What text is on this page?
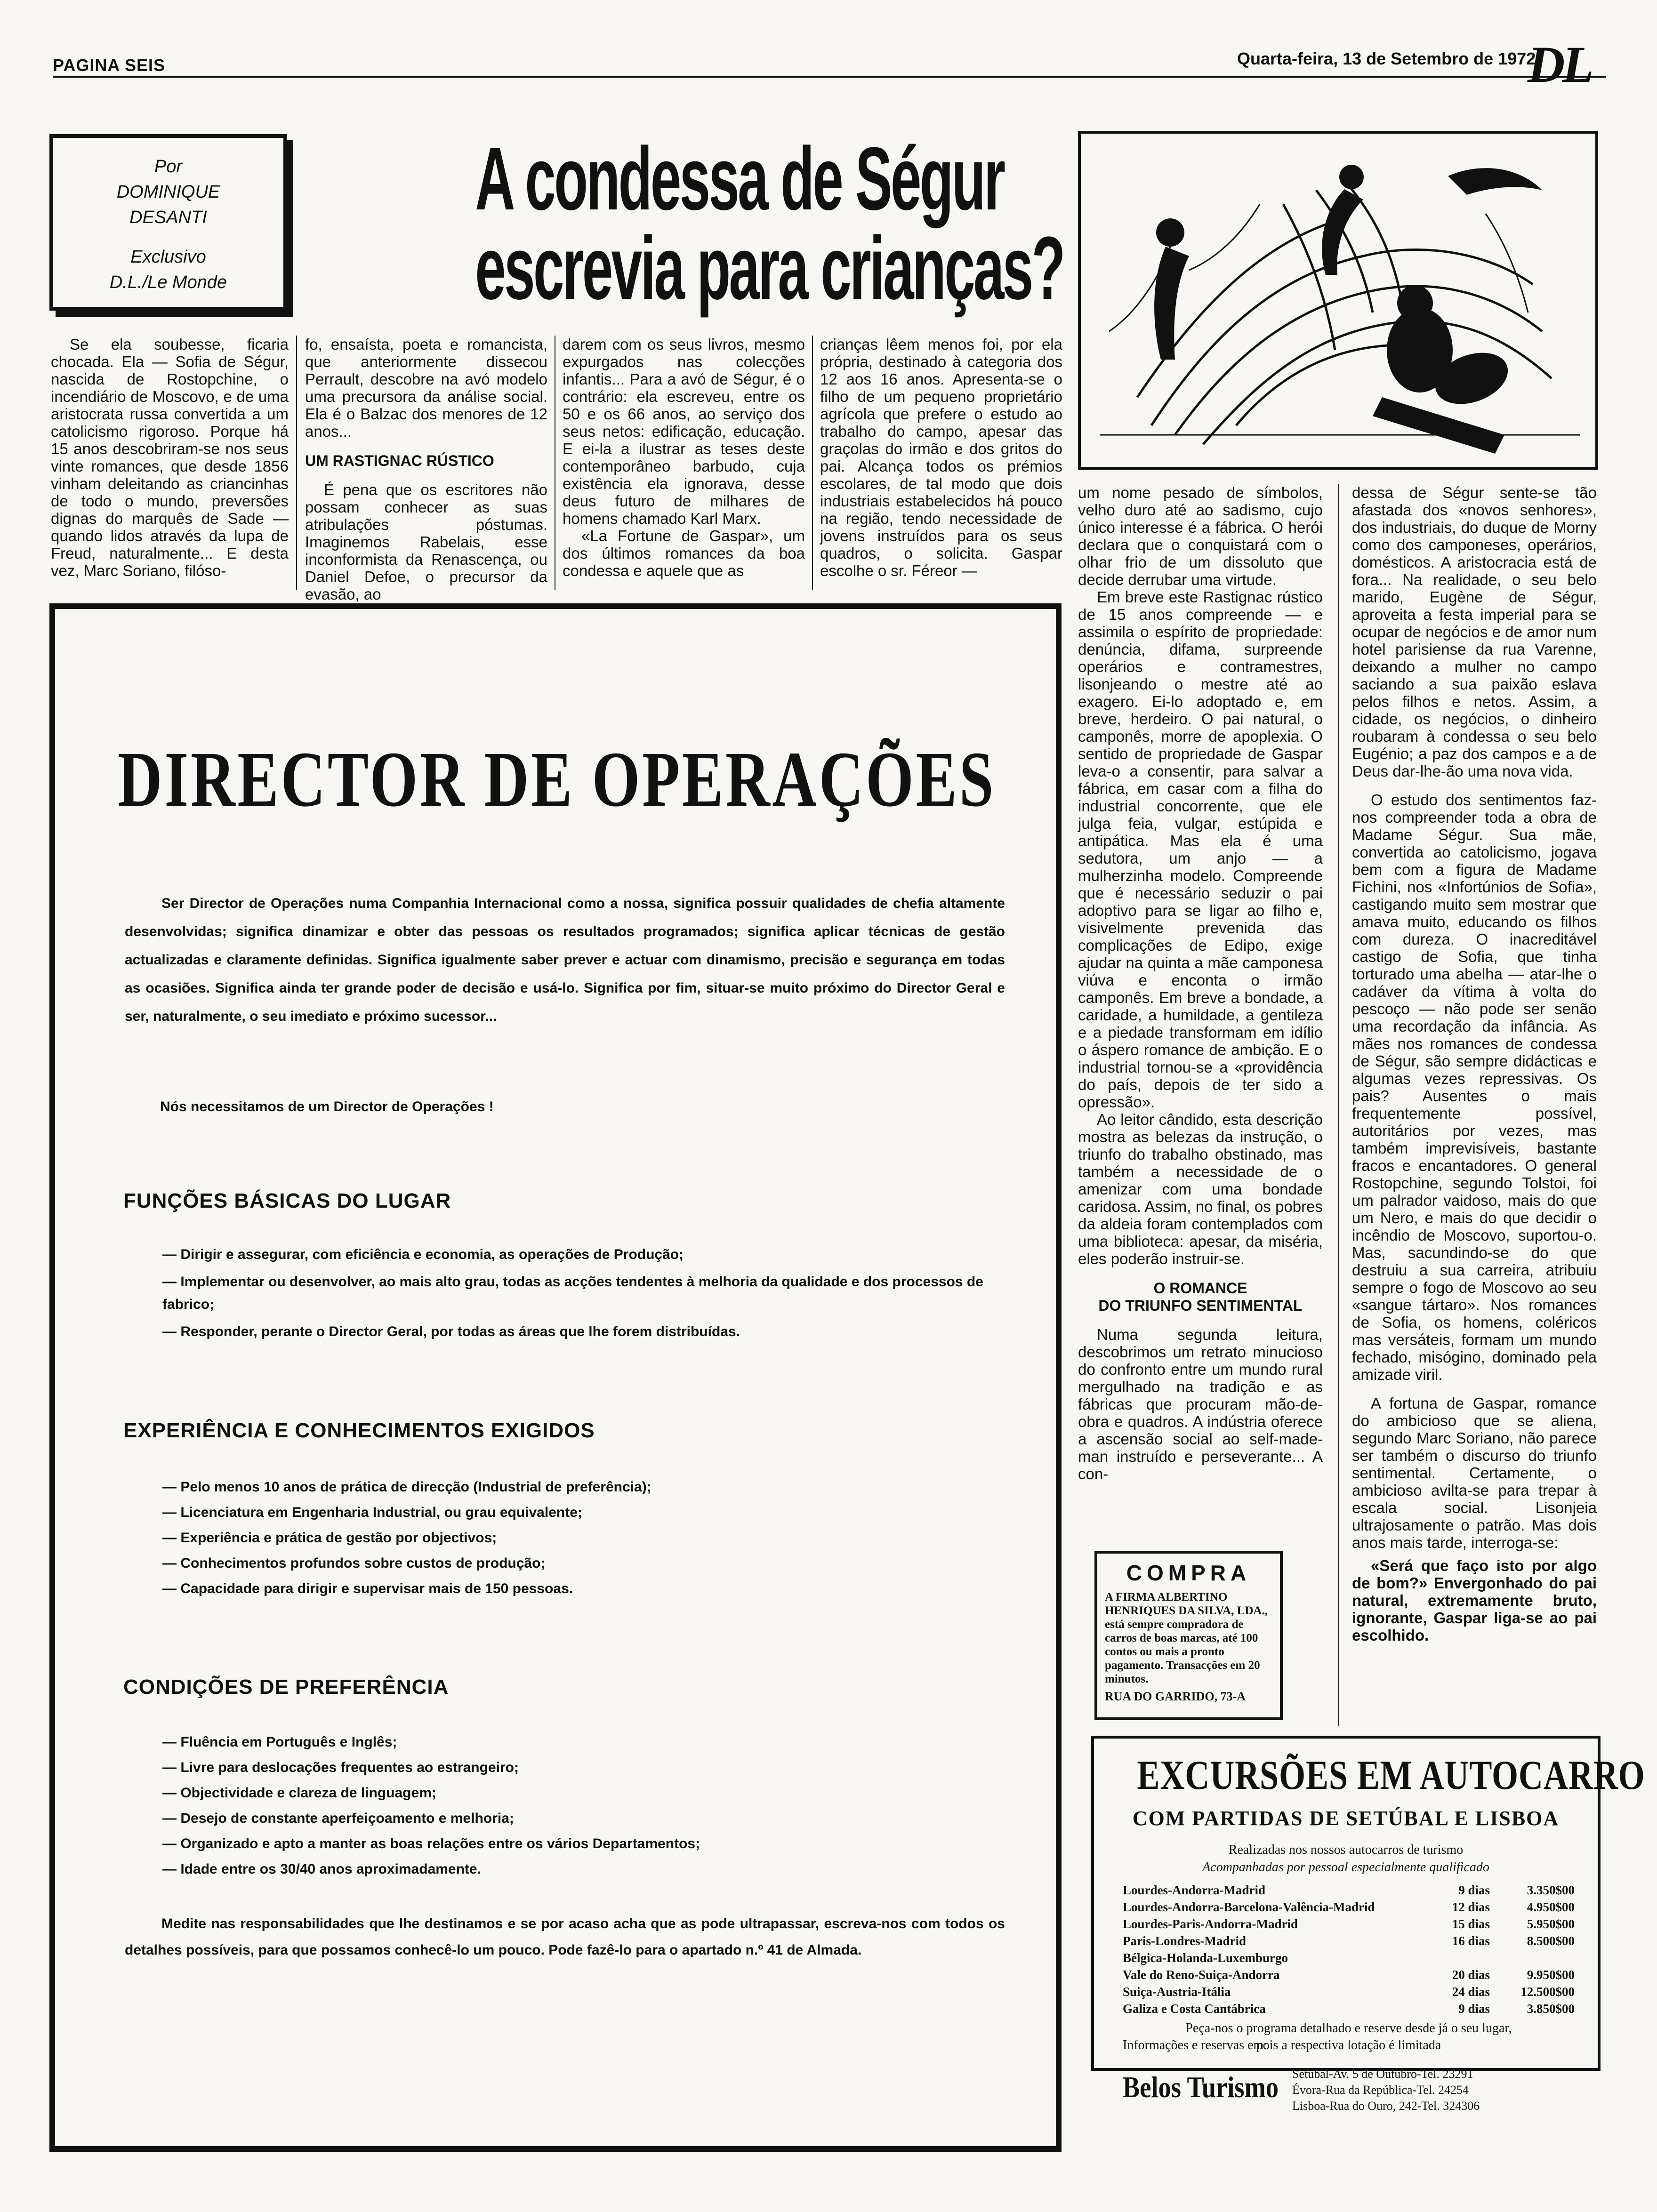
PAGINA SEIS	Quarta-feira, 13 de Setembro de 1972
DL
Por
DOMINIQUE
DESANTI
Exclusivo
D.L./Le Monde
A condessa de Ségur
escrevia para crianças?

Se ela soubesse, ficaria chocada. Ela — Sofia de Ségur, nascida de Rostopchine, o incendiário de Moscovo, e de uma aristocrata russa convertida a um catolicismo rigoroso. Porque há 15 anos descobriram-se nos seus vinte romances, que desde 1856 vinham deleitando as criancinhas de todo o mundo, preversões dignas do marquês de Sade — quando lidos através da lupa de Freud, naturalmente... E desta vez, Marc Soriano, filóso-

fo, ensaísta, poeta e romancista, que anteriormente dissecou Perrault, descobre na avó modelo uma precursora da análise social. Ela é o Balzac dos menores de 12 anos...

UM RASTIGNAC RÚSTICO

É pena que os escritores não possam conhecer as suas atribulações póstumas. Imaginemos Rabelais, esse inconformista da Renascença, ou Daniel Defoe, o precursor da evasão, ao

darem com os seus livros, mesmo expurgados nas colecções infantis... Para a avó de Ségur, é o contrário: ela escreveu, entre os 50 e os 66 anos, ao serviço dos seus netos: edificação, educação. E ei-la a ilustrar as teses deste contemporâneo barbudo, cuja existência ela ignorava, desse deus futuro de milhares de homens chamado Karl Marx.

«La Fortune de Gaspar», um dos últimos romances da boa condessa e aquele que as

crianças lêem menos foi, por ela própria, destinado à categoria dos 12 aos 16 anos. Apresenta-se o filho de um pequeno proprietário agrícola que prefere o estudo ao trabalho do campo, apesar das graçolas do irmão e dos gritos do pai. Alcança todos os prémios escolares, de tal modo que dois industriais estabelecidos há pouco na região, tendo necessidade de jovens instruídos para os seus quadros, o solicita. Gaspar escolhe o sr. Féreor —

um nome pesado de símbolos, velho duro até ao sadismo, cujo único interesse é a fábrica. O herói declara que o conquistará com o olhar frio de um dissoluto que decide derrubar uma virtude.

Em breve este Rastignac rústico de 15 anos compreende — e assimila o espírito de propriedade: denúncia, difama, surpreende operários e contramestres, lisonjeando o mestre até ao exagero. Ei-lo adoptado e, em breve, herdeiro. O pai natural, o camponês, morre de apoplexia. O sentido de propriedade de Gaspar leva-o a consentir, para salvar a fábrica, em casar com a filha do industrial concorrente, que ele julga feia, vulgar, estúpida e antipática. Mas ela é uma sedutora, um anjo — a mulherzinha modelo. Compreende que é necessário seduzir o pai adoptivo para se ligar ao filho e, visivelmente prevenida das complicações de Edipo, exige ajudar na quinta a mãe camponesa viúva e enconta o irmão camponês. Em breve a bondade, a caridade, a humildade, a gentileza e a piedade transformam em idílio o áspero romance de ambição. E o industrial tornou-se a «providência do país, depois de ter sido a opressão».

Ao leitor cândido, esta descrição mostra as belezas da instrução, o triunfo do trabalho obstinado, mas também a necessidade de o amenizar com uma bondade caridosa. Assim, no final, os pobres da aldeia foram contemplados com uma biblioteca: apesar, da miséria, eles poderão instruir-se.

O ROMANCE
DO TRIUNFO SENTIMENTAL

Numa segunda leitura, descobrimos um retrato minucioso do confronto entre um mundo rural mergulhado na tradição e as fábricas que procuram mão-de-obra e quadros. A indústria oferece a ascensão social ao self-made-man instruído e perseverante... A con-

dessa de Ségur sente-se tão afastada dos «novos senhores», dos industriais, do duque de Morny como dos camponeses, operários, domésticos. A aristocracia está de fora... Na realidade, o seu belo marido, Eugène de Ségur, aproveita a festa imperial para se ocupar de negócios e de amor num hotel parisiense da rua Varenne, deixando a mulher no campo saciando a sua paixão eslava pelos filhos e netos. Assim, a cidade, os negócios, o dinheiro roubaram à condessa o seu belo Eugénio; a paz dos campos e a de Deus dar-lhe-ão uma nova vida.

O estudo dos sentimentos faz-nos compreender toda a obra de Madame Ségur. Sua mãe, convertida ao catolicismo, jogava bem com a figura de Madame Fichini, nos «Infortúnios de Sofia», castigando muito sem mostrar que amava muito, educando os filhos com dureza. O inacreditável castigo de Sofia, que tinha torturado uma abelha — atar-lhe o cadáver da vítima à volta do pescoço — não pode ser senão uma recordação da infância. As mães nos romances de condessa de Ségur, são sempre didácticas e algumas vezes repressivas. Os pais? Ausentes o mais frequentemente possível, autoritários por vezes, mas também imprevisíveis, bastante fracos e encantadores. O general Rostopchine, segundo Tolstoi, foi um palrador vaidoso, mais do que um Nero, e mais do que decidir o incêndio de Moscovo, suportou-o. Mas, sacundindo-se do que destruiu a sua carreira, atribuiu sempre o fogo de Moscovo ao seu «sangue tártaro». Nos romances de Sofia, os homens, coléricos mas versáteis, formam um mundo fechado, misógino, dominado pela amizade viril.

A fortuna de Gaspar, romance do ambicioso que se aliena, segundo Marc Soriano, não parece ser também o discurso do triunfo sentimental. Certamente, o ambicioso avilta-se para trepar à escala social. Lisonjeia ultrajosamente o patrão. Mas dois anos mais tarde, interroga-se:

«Será que faço isto por algo de bom?» Envergonhado do pai natural, extremamente bruto, ignorante, Gaspar liga-se ao pai escolhido.

DIRECTOR DE OPERAÇÕES
Ser Director de Operações numa Companhia Internacional como a nossa, significa possuir qualidades de chefia altamente desenvolvidas; significa dinamizar e obter das pessoas os resultados programados; significa aplicar técnicas de gestão actualizadas e claramente definidas. Significa igualmente saber prever e actuar com dinamismo, precisão e segurança em todas as ocasiões. Significa ainda ter grande poder de decisão e usá-lo. Significa por fim, situar-se muito próximo do Director Geral e ser, naturalmente, o seu imediato e próximo sucessor...
Nós necessitamos de um Director de Operações !
FUNÇÕES BÁSICAS DO LUGAR
— Dirigir e assegurar, com eficiência e economia, as operações de Produção;
— Implementar ou desenvolver, ao mais alto grau, todas as acções tendentes à melhoria da qualidade e dos processos de fabrico;
— Responder, perante o Director Geral, por todas as áreas que lhe forem distribuídas.
EXPERIÊNCIA E CONHECIMENTOS EXIGIDOS
— Pelo menos 10 anos de prática de direcção (Industrial de preferência);
— Licenciatura em Engenharia Industrial, ou grau equivalente;
— Experiência e prática de gestão por objectivos;
— Conhecimentos profundos sobre custos de produção;
— Capacidade para dirigir e supervisar mais de 150 pessoas.
CONDIÇÕES DE PREFERÊNCIA
— Fluência em Português e Inglês;
— Livre para deslocações frequentes ao estrangeiro;
— Objectividade e clareza de linguagem;
— Desejo de constante aperfeiçoamento e melhoria;
— Organizado e apto a manter as boas relações entre os vários Departamentos;
— Idade entre os 30/40 anos aproximadamente.
Medite nas responsabilidades que lhe destinamos e se por acaso acha que as pode ultrapassar, escreva-nos com todos os detalhes possíveis, para que possamos conhecê-lo um pouco. Pode fazê-lo para o apartado n.º 41 de Almada.
COMPRA
A FIRMA ALBERTINO HENRIQUES DA SILVA, LDA., está sempre compradora de carros de boas marcas, até 100 contos ou mais a pronto pagamento. Transacções em 20 minutos.
RUA DO GARRIDO, 73-A
EXCURSÕES EM AUTOCARRO
COM PARTIDAS DE SETÚBAL E LISBOA
Realizadas nos nossos autocarros de turismo
Acompanhadas por pessoal especialmente qualificado
Lourdes-Andorra-Madrid	9 dias	3.350$00
Lourdes-Andorra-Barcelona-Valência-Madrid	12 dias	4.950$00
Lourdes-Paris-Andorra-Madrid	15 dias	5.950$00
Paris-Londres-Madrid	16 dias	8.500$00
Bélgica-Holanda-Luxemburgo
Vale do Reno-Suiça-Andorra	20 dias	9.950$00
Suiça-Austria-Itália	24 dias	12.500$00
Galiza e Costa Cantábrica	9 dias	3.850$00
Peça-nos o programa detalhado e reserve desde já o seu lugar,
pois a respectiva lotação é limitada
Informações e reservas em:
Belos Turismo Setúbal-Av. 5 de Outubro-Tel. 23291
Évora-Rua da República-Tel. 24254
Lisboa-Rua do Ouro, 242-Tel. 324306
